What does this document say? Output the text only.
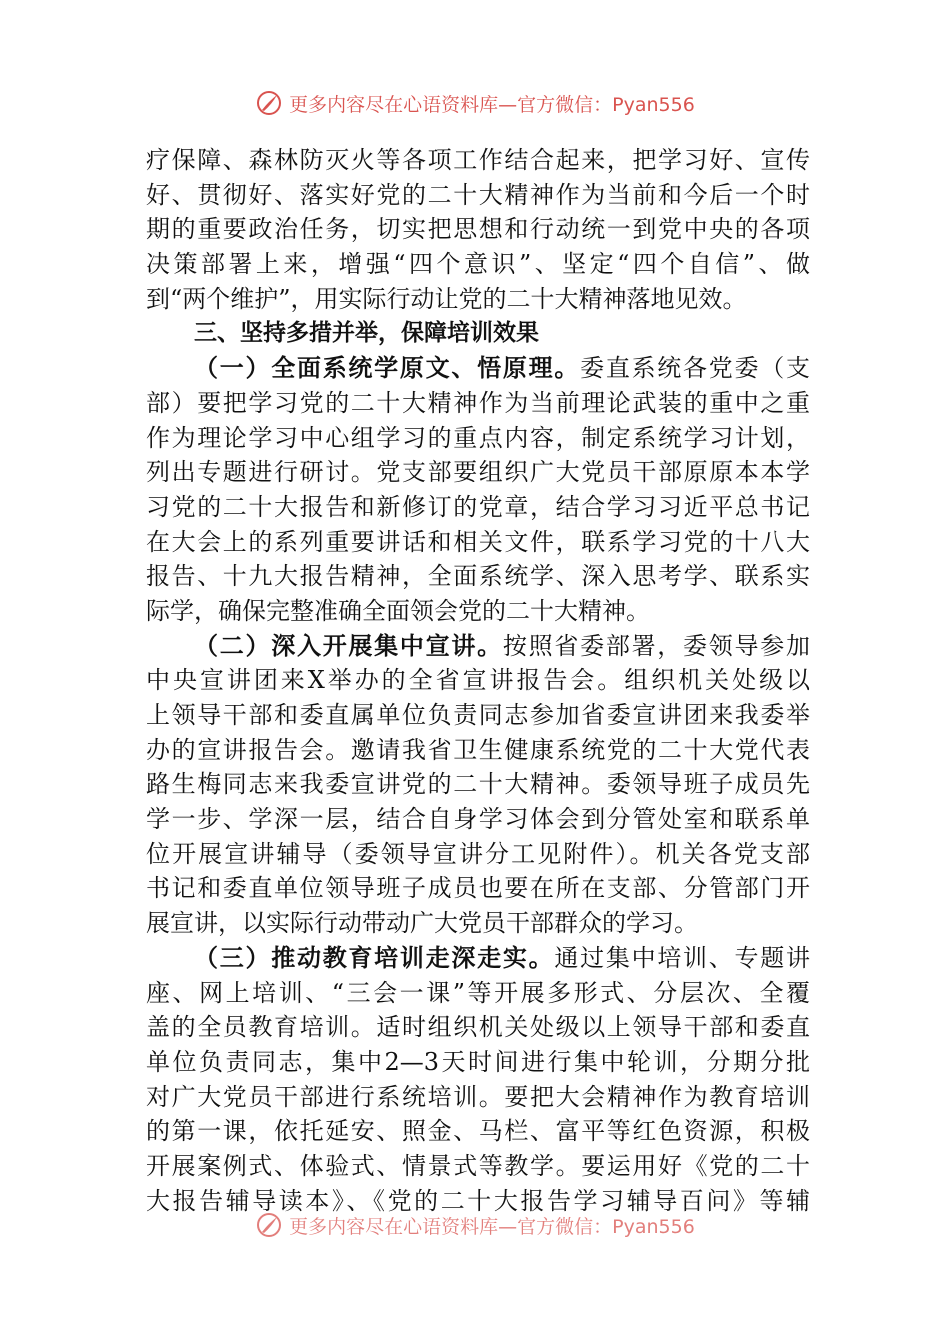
更多内容尽在心语资料库—官方微信：Pyan556
疗保障、森林防灭火等各项工作结合起来，把学习好、宣传
好、贯彻好、落实好党的二十大精神作为当前和今后一个时
期的重要政治任务，切实把思想和行动统一到党中央的各项
决策部署上来，增强“四个意识”、坚定“四个自信”、做
到“两个维护”，用实际行动让党的二十大精神落地见效。
三、坚持多措并举，保障培训效果
（一）全面系统学原文、悟原理。委直系统各党委（支
部）要把学习党的二十大精神作为当前理论武装的重中之重
作为理论学习中心组学习的重点内容，制定系统学习计划，
列出专题进行研讨。党支部要组织广大党员干部原原本本学
习党的二十大报告和新修订的党章，结合学习习近平总书记
在大会上的系列重要讲话和相关文件，联系学习党的十八大
报告、十九大报告精神，全面系统学、深入思考学、联系实
际学，确保完整准确全面领会党的二十大精神。
（二）深入开展集中宣讲。按照省委部署，委领导参加
中央宣讲团来X举办的全省宣讲报告会。组织机关处级以
上领导干部和委直属单位负责同志参加省委宣讲团来我委举
办的宣讲报告会。邀请我省卫生健康系统党的二十大党代表
路生梅同志来我委宣讲党的二十大精神。委领导班子成员先
学一步、学深一层，结合自身学习体会到分管处室和联系单
位开展宣讲辅导（委领导宣讲分工见附件）。机关各党支部
书记和委直单位领导班子成员也要在所在支部、分管部门开
展宣讲，以实际行动带动广大党员干部群众的学习。
（三）推动教育培训走深走实。通过集中培训、专题讲
座、网上培训、“三会一课”等开展多形式、分层次、全覆
盖的全员教育培训。适时组织机关处级以上领导干部和委直
单位负责同志，集中2—3天时间进行集中轮训，分期分批
对广大党员干部进行系统培训。要把大会精神作为教育培训
的第一课，依托延安、照金、马栏、富平等红色资源，积极
开展案例式、体验式、情景式等教学。要运用好《党的二十
大报告辅导读本》、《党的二十大报告学习辅导百问》等辅
更多内容尽在心语资料库—官方微信：Pyan556
